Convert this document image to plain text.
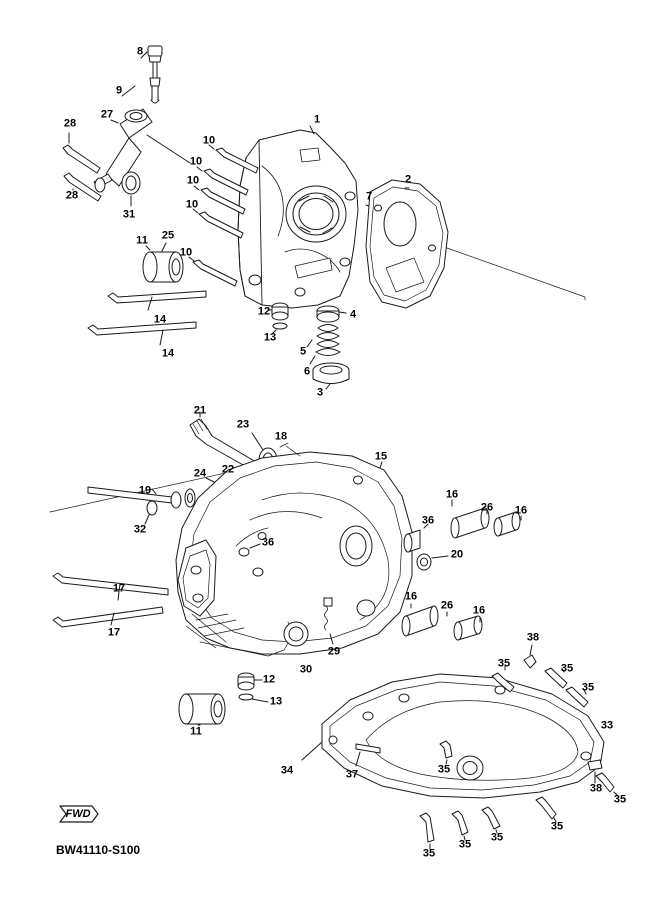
FWD
BW41110-S100
8
9
27
28	1
10
10
28
10	2
7
10
31
25
11
10
12	4
14
13
5
14
6
3
21
23
18
15
24 22
16
26 16
19
36
32
36
20
17
16
26 16
17	38
30
29
35	35
12
35
13
11	33
34	37	35
38
35
35
35
35
35
